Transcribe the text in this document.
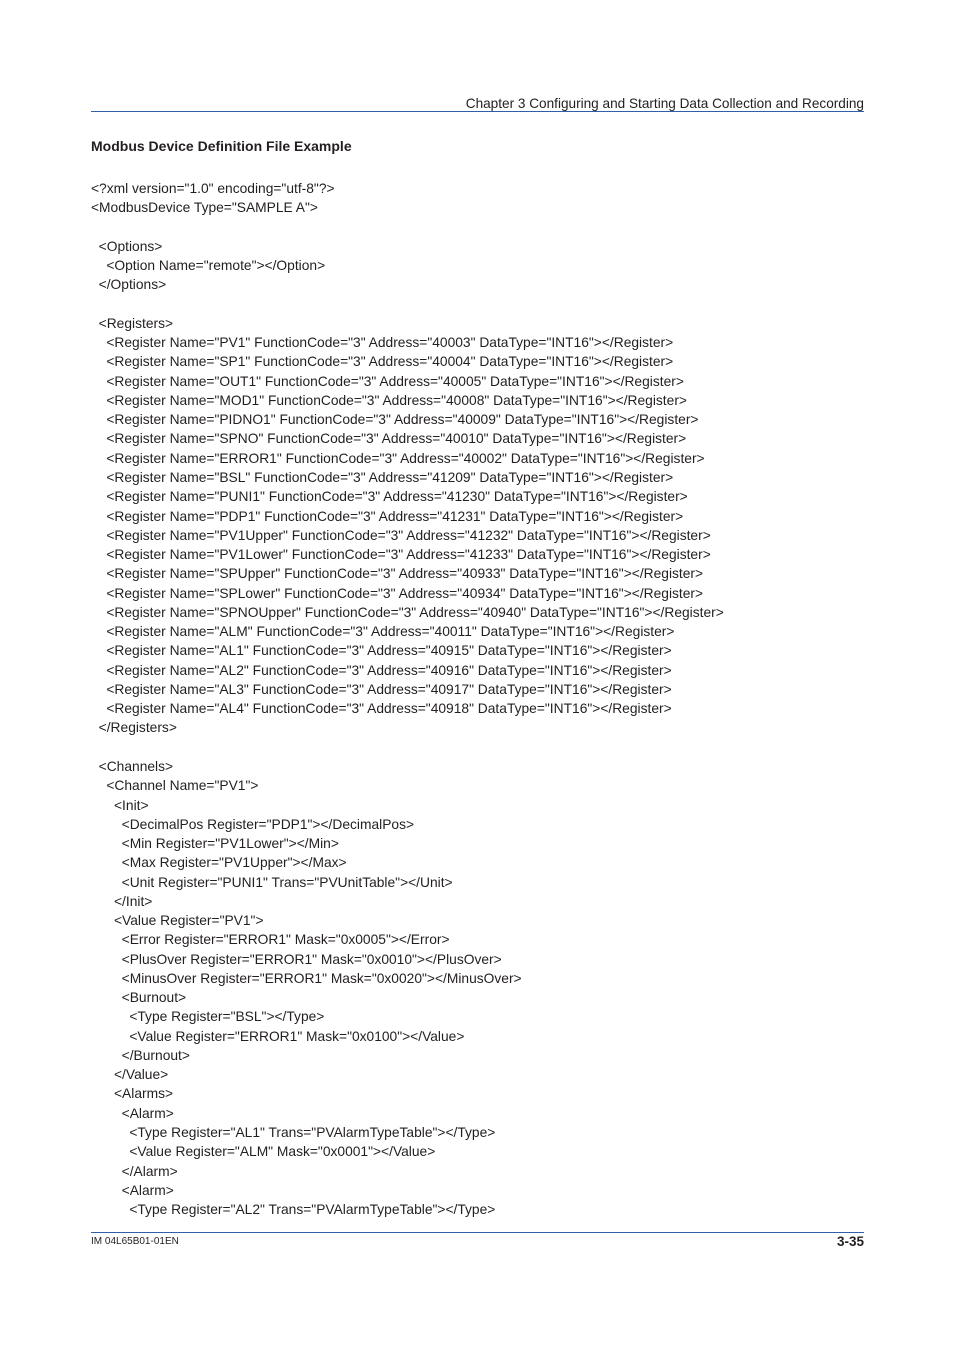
Chapter 3 Configuring and Starting Data Collection and Recording
Modbus Device Definition File Example
<?xml version="1.0" encoding="utf-8"?>
<ModbusDevice Type="SAMPLE A">
<Options>
<Option Name="remote"></Option>
</Options>
<Registers>
<Register Name="PV1" FunctionCode="3" Address="40003" DataType="INT16"></Register>
<Register Name="SP1" FunctionCode="3" Address="40004" DataType="INT16"></Register>
<Register Name="OUT1" FunctionCode="3" Address="40005" DataType="INT16"></Register>
<Register Name="MOD1" FunctionCode="3" Address="40008" DataType="INT16"></Register>
<Register Name="PIDNO1" FunctionCode="3" Address="40009" DataType="INT16"></Register>
<Register Name="SPNO" FunctionCode="3" Address="40010" DataType="INT16"></Register>
<Register Name="ERROR1" FunctionCode="3" Address="40002" DataType="INT16"></Register>
<Register Name="BSL" FunctionCode="3" Address="41209" DataType="INT16"></Register>
<Register Name="PUNI1" FunctionCode="3" Address="41230" DataType="INT16"></Register>
<Register Name="PDP1" FunctionCode="3" Address="41231" DataType="INT16"></Register>
<Register Name="PV1Upper" FunctionCode="3" Address="41232" DataType="INT16"></Register>
<Register Name="PV1Lower" FunctionCode="3" Address="41233" DataType="INT16"></Register>
<Register Name="SPUpper" FunctionCode="3" Address="40933" DataType="INT16"></Register>
<Register Name="SPLower" FunctionCode="3" Address="40934" DataType="INT16"></Register>
<Register Name="SPNOUpper" FunctionCode="3" Address="40940" DataType="INT16"></Register>
<Register Name="ALM" FunctionCode="3" Address="40011" DataType="INT16"></Register>
<Register Name="AL1" FunctionCode="3" Address="40915" DataType="INT16"></Register>
<Register Name="AL2" FunctionCode="3" Address="40916" DataType="INT16"></Register>
<Register Name="AL3" FunctionCode="3" Address="40917" DataType="INT16"></Register>
<Register Name="AL4" FunctionCode="3" Address="40918" DataType="INT16"></Register>
</Registers>
<Channels>
<Channel Name="PV1">
<Init>
<DecimalPos Register="PDP1"></DecimalPos>
<Min Register="PV1Lower"></Min>
<Max Register="PV1Upper"></Max>
<Unit Register="PUNI1" Trans="PVUnitTable"></Unit>
</Init>
<Value Register="PV1">
<Error Register="ERROR1" Mask="0x0005"></Error>
<PlusOver Register="ERROR1" Mask="0x0010"></PlusOver>
<MinusOver Register="ERROR1" Mask="0x0020"></MinusOver>
<Burnout>
<Type Register="BSL"></Type>
<Value Register="ERROR1" Mask="0x0100"></Value>
</Burnout>
</Value>
<Alarms>
<Alarm>
<Type Register="AL1" Trans="PVAlarmTypeTable"></Type>
<Value Register="ALM" Mask="0x0001"></Value>
</Alarm>
<Alarm>
<Type Register="AL2" Trans="PVAlarmTypeTable"></Type>
IM 04L65B01-01EN	3-35
